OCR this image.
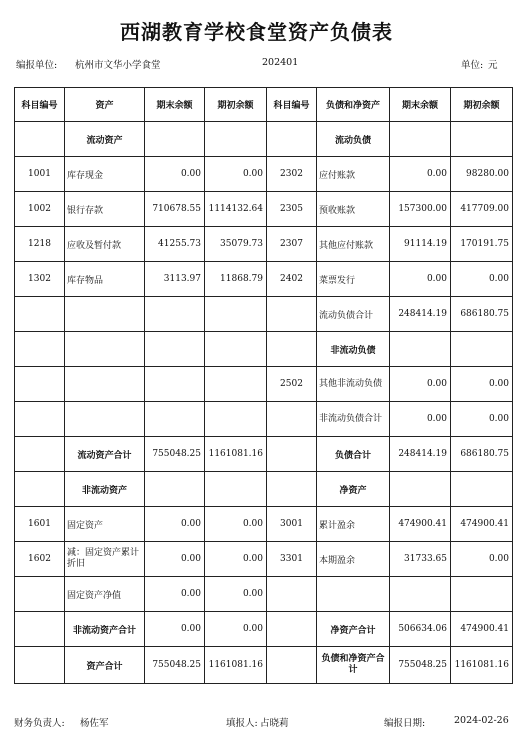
西湖教育学校食堂资产负债表
编报单位: 杭州市文华小学食堂	202401	单位: 元
科目编号	资产	期末余额	期初余额	科目编号	负债和净资产	期末余额	期初余额
	流动资产				流动负债		
1001	库存现金	0.00	0.00	2302	应付账款	0.00	98280.00
1002	银行存款	710678.55	1114132.64	2305	预收账款	157300.00	417709.00
1218	应收及暂付款	41255.73	35079.73	2307	其他应付账款	91114.19	170191.75
1302	库存物品	3113.97	11868.79	2402	菜票发行	0.00	0.00
					流动负债合计	248414.19	686180.75
					非流动负债		
				2502	其他非流动负债	0.00	0.00
					非流动负债合计	0.00	0.00
	流动资产合计	755048.25	1161081.16		负债合计	248414.19	686180.75
	非流动资产				净资产		
1601	固定资产	0.00	0.00	3001	累计盈余	474900.41	474900.41
1602	减：固定资产累计折旧	0.00	0.00	3301	本期盈余	31733.65	0.00
	固定资产净值	0.00	0.00				
	非流动资产合计	0.00	0.00		净资产合计	506634.06	474900.41
	资产合计	755048.25	1161081.16		负债和净资产合计	755048.25	1161081.16
财务负责人: 杨佐军	填报人: 占晓莉	编报日期:	2024-02-26
